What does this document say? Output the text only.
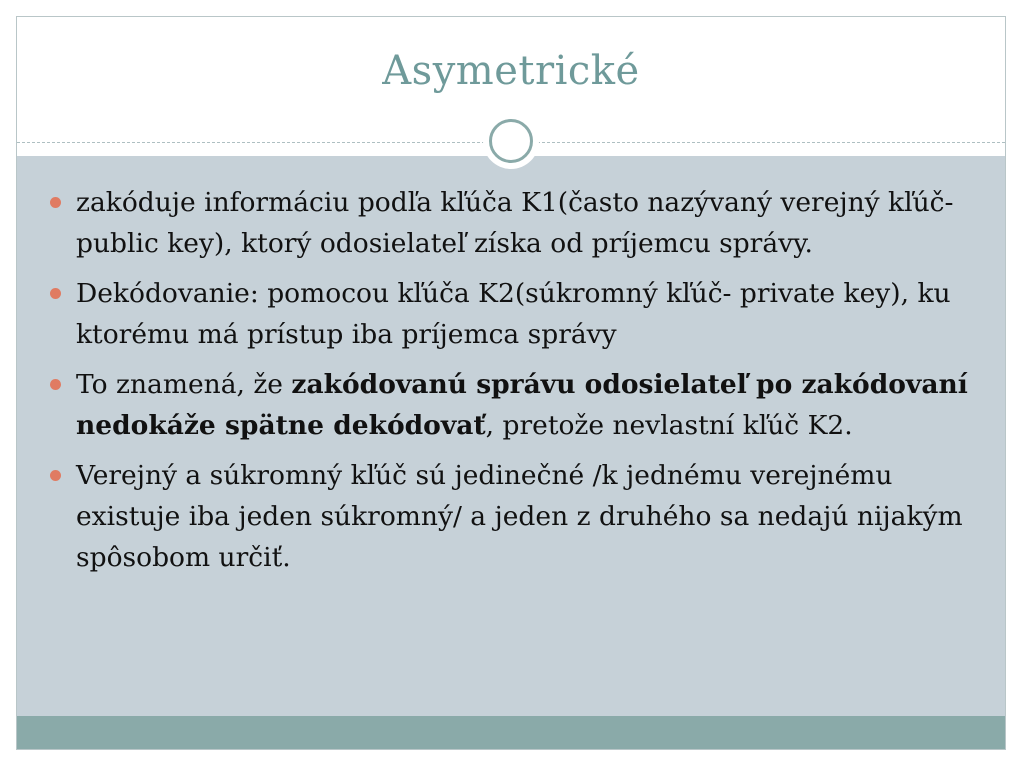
Asymetrické
zakóduje informáciu podľa kľúča K1(často nazývaný verejný kľúč- public key), ktorý odosielateľ získa od príjemcu správy.
Dekódovanie: pomocou kľúča K2(súkromný kľúč- private key), ku ktorému má prístup iba príjemca správy
To znamená, že zakódovanú správu odosielateľ po zakódovaní nedokáže spätne dekódovať, pretože nevlastní kľúč K2.
Verejný a súkromný kľúč sú jedinečné /k jednému verejnému existuje iba jeden súkromný/ a jeden z druhého sa nedajú nijakým spôsobom určiť.
